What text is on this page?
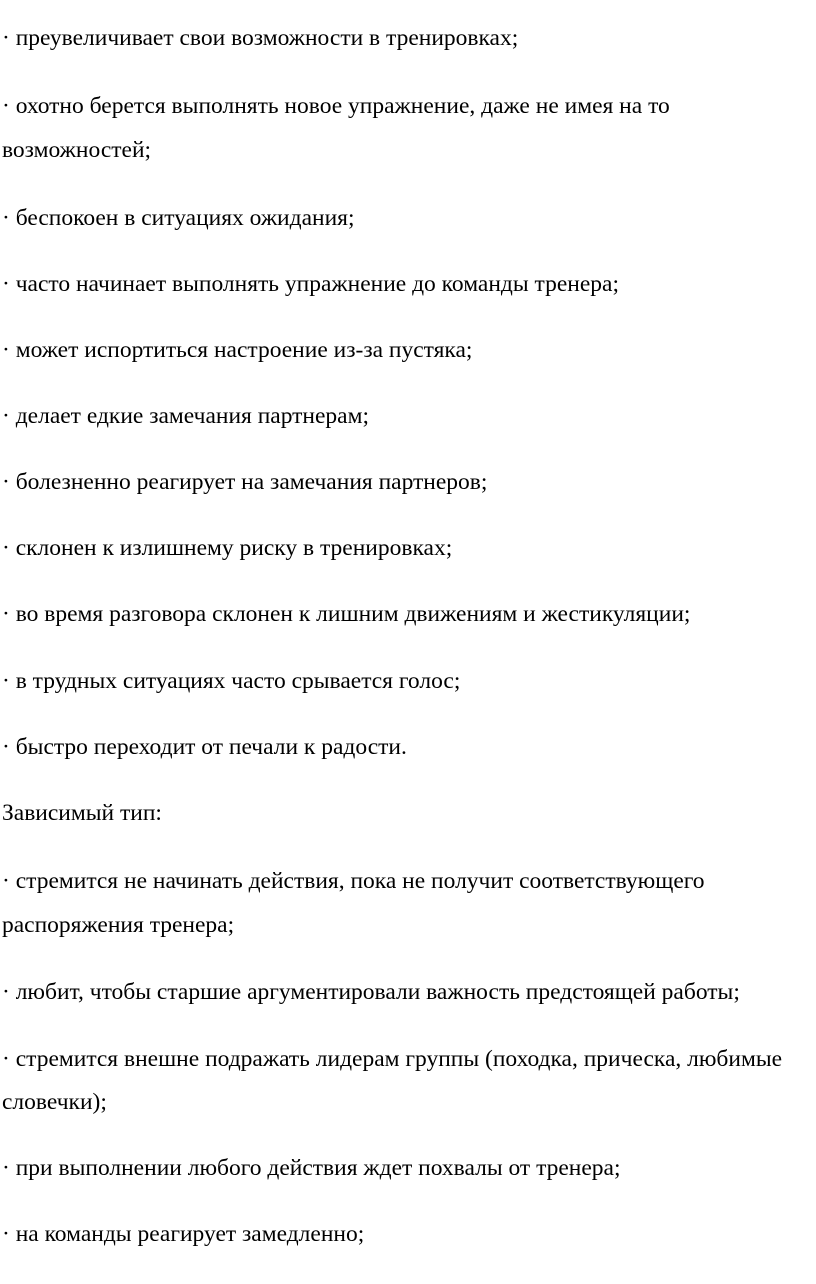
· преувеличивает свои возможности в тренировках;
· охотно берется выполнять новое упражнение, даже не имея на то
возможностей;
· беспокоен в ситуациях ожидания;
· часто начинает выполнять упражнение до команды тренера;
· может испортиться настроение из-за пустяка;
· делает едкие замечания партнерам;
· болезненно реагирует на замечания партнеров;
· склонен к излишнему риску в тренировках;
· во время разговора склонен к лишним движениям и жестикуляции;
· в трудных ситуациях часто срывается голос;
· быстро переходит от печали к радости.
Зависимый тип:
· стремится не начинать действия, пока не получит соответствующего
распоряжения тренера;
· любит, чтобы старшие аргументировали важность предстоящей работы;
· стремится внешне подражать лидерам группы (походка, прическа, любимые
словечки);
· при выполнении любого действия ждет похвалы от тренера;
· на команды реагирует замедленно;
